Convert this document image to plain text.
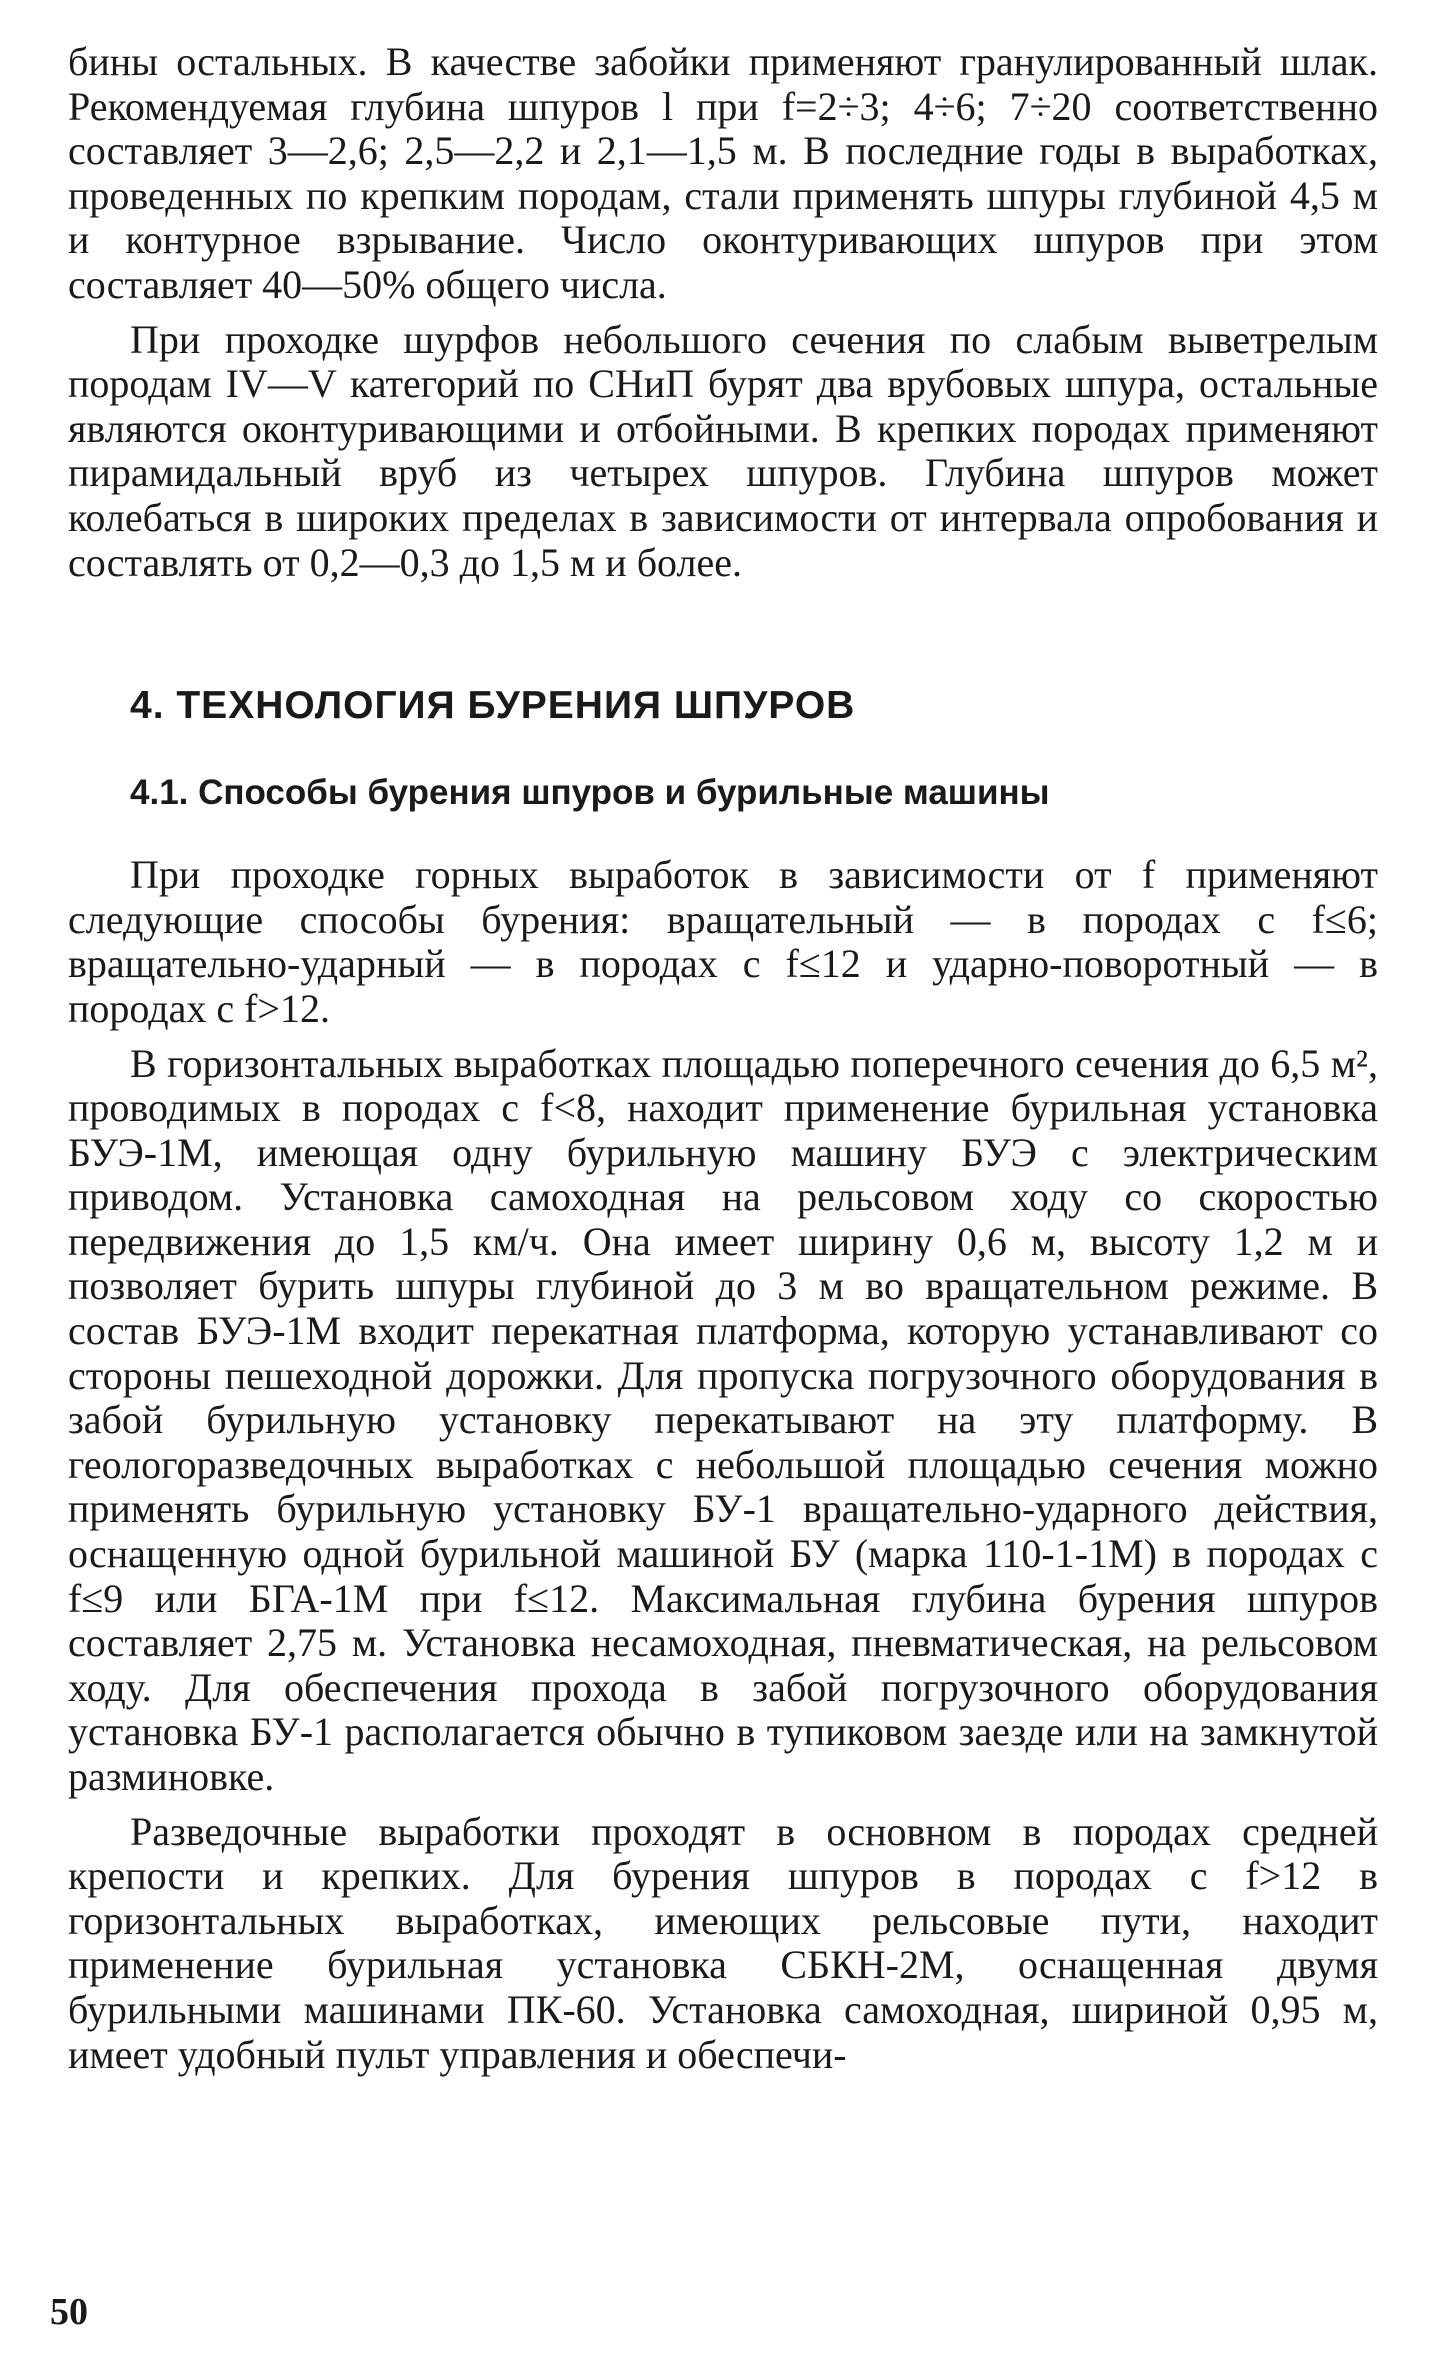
бины остальных. В качестве забойки применяют гранулированный шлак. Рекомендуемая глубина шпуров l при f=2÷3; 4÷6; 7÷20 соответственно составляет 3—2,6; 2,5—2,2 и 2,1—1,5 м. В последние годы в выработках, проведенных по крепким породам, стали применять шпуры глубиной 4,5 м и контурное взрывание. Число оконтуривающих шпуров при этом составляет 40—50% общего числа.

При проходке шурфов небольшого сечения по слабым выветрелым породам IV—V категорий по СНиП бурят два врубовых шпура, остальные являются оконтуривающими и отбойными. В крепких породах применяют пирамидальный вруб из четырех шпуров. Глубина шпуров может колебаться в широких пределах в зависимости от интервала опробования и составлять от 0,2—0,3 до 1,5 м и более.

4. ТЕХНОЛОГИЯ БУРЕНИЯ ШПУРОВ
4.1. Способы бурения шпуров и бурильные машины

При проходке горных выработок в зависимости от f применяют следующие способы бурения: вращательный — в породах с f≤6; вращательно-ударный — в породах с f≤12 и ударно-поворотный — в породах с f>12.

В горизонтальных выработках площадью поперечного сечения до 6,5 м², проводимых в породах с f<8, находит применение бурильная установка БУЭ-1М, имеющая одну бурильную машину БУЭ с электрическим приводом. Установка самоходная на рельсовом ходу со скоростью передвижения до 1,5 км/ч. Она имеет ширину 0,6 м, высоту 1,2 м и позволяет бурить шпуры глубиной до 3 м во вращательном режиме. В состав БУЭ-1М входит перекатная платформа, которую устанавливают со стороны пешеходной дорожки. Для пропуска погрузочного оборудования в забой бурильную установку перекатывают на эту платформу. В геологоразведочных выработках с небольшой площадью сечения можно применять бурильную установку БУ-1 вращательно-ударного действия, оснащенную одной бурильной машиной БУ (марка 110-1-1М) в породах с f≤9 или БГА-1М при f≤12. Максимальная глубина бурения шпуров составляет 2,75 м. Установка несамоходная, пневматическая, на рельсовом ходу. Для обеспечения прохода в забой погрузочного оборудования установка БУ-1 располагается обычно в тупиковом заезде или на замкнутой разминовке.

Разведочные выработки проходят в основном в породах средней крепости и крепких. Для бурения шпуров в породах с f>12 в горизонтальных выработках, имеющих рельсовые пути, находит применение бурильная установка СБКН-2М, оснащенная двумя бурильными машинами ПК-60. Установка самоходная, шириной 0,95 м, имеет удобный пульт управления и обеспечи-

50
